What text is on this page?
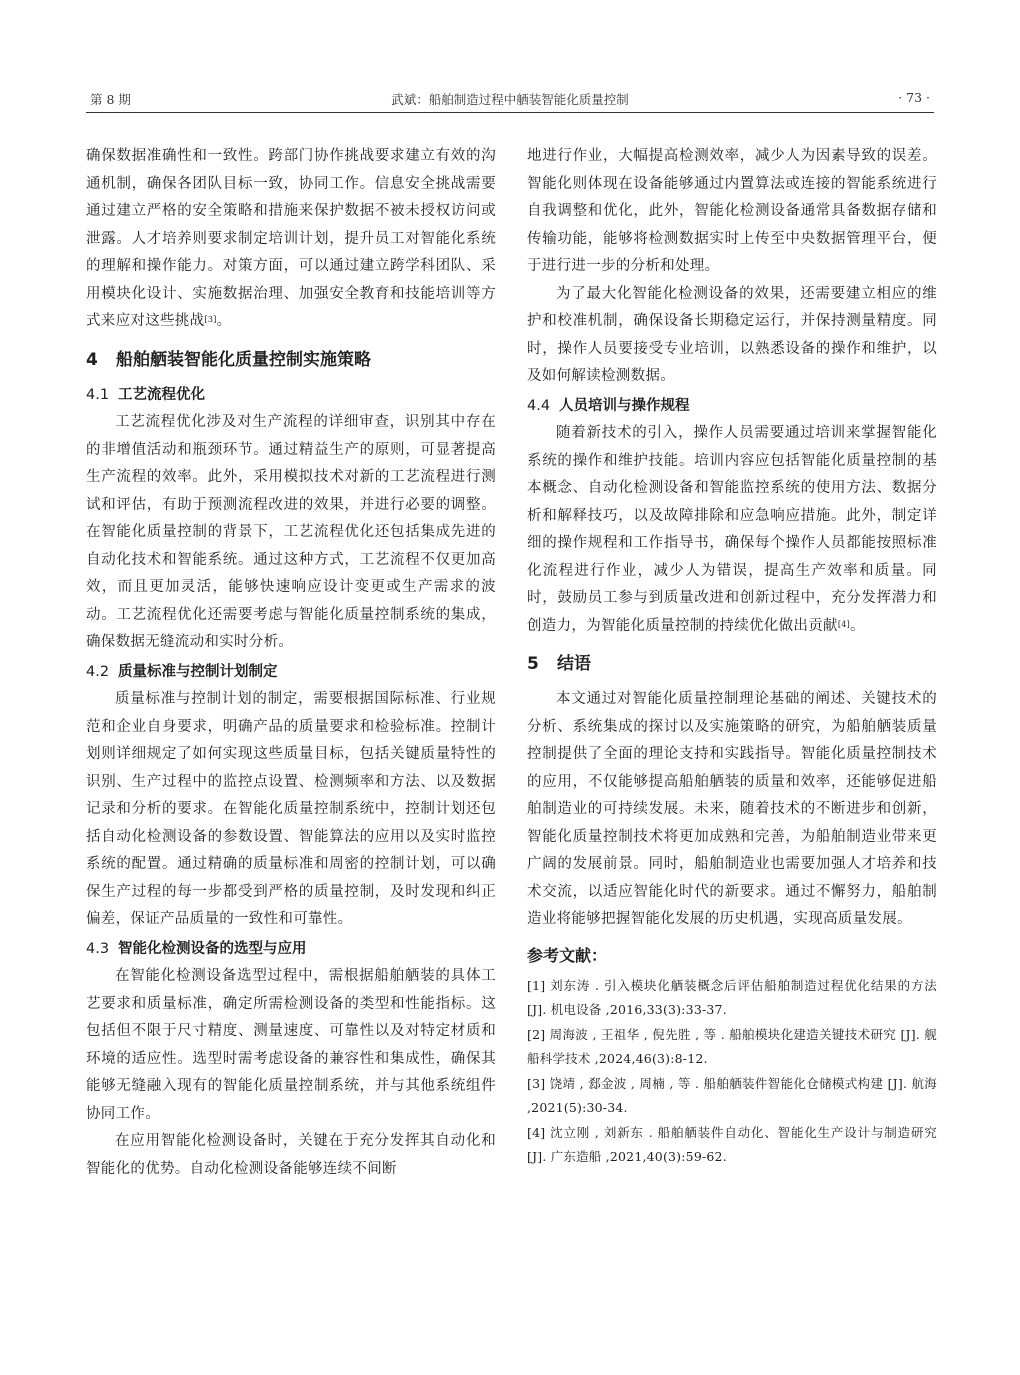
第 8 期	武斌：船舶制造过程中舾装智能化质量控制	· 73 ·

确保数据准确性和一致性。跨部门协作挑战要求建立有效的沟通机制，确保各团队目标一致，协同工作。信息安全挑战需要通过建立严格的安全策略和措施来保护数据不被未授权访问或泄露。人才培养则要求制定培训计划，提升员工对智能化系统的理解和操作能力。对策方面，可以通过建立跨学科团队、采用模块化设计、实施数据治理、加强安全教育和技能培训等方式来应对这些挑战[3]。

4 船舶舾装智能化质量控制实施策略
4.1 工艺流程优化

工艺流程优化涉及对生产流程的详细审查，识别其中存在的非增值活动和瓶颈环节。通过精益生产的原则，可显著提高生产流程的效率。此外，采用模拟技术对新的工艺流程进行测试和评估，有助于预测流程改进的效果，并进行必要的调整。在智能化质量控制的背景下，工艺流程优化还包括集成先进的自动化技术和智能系统。通过这种方式，工艺流程不仅更加高效，而且更加灵活，能够快速响应设计变更或生产需求的波动。工艺流程优化还需要考虑与智能化质量控制系统的集成，确保数据无缝流动和实时分析。

4.2 质量标准与控制计划制定

质量标准与控制计划的制定，需要根据国际标准、行业规范和企业自身要求，明确产品的质量要求和检验标准。控制计划则详细规定了如何实现这些质量目标，包括关键质量特性的识别、生产过程中的监控点设置、检测频率和方法、以及数据记录和分析的要求。在智能化质量控制系统中，控制计划还包括自动化检测设备的参数设置、智能算法的应用以及实时监控系统的配置。通过精确的质量标准和周密的控制计划，可以确保生产过程的每一步都受到严格的质量控制，及时发现和纠正偏差，保证产品质量的一致性和可靠性。

4.3 智能化检测设备的选型与应用

在智能化检测设备选型过程中，需根据船舶舾装的具体工艺要求和质量标准，确定所需检测设备的类型和性能指标。这包括但不限于尺寸精度、测量速度、可靠性以及对特定材质和环境的适应性。选型时需考虑设备的兼容性和集成性，确保其能够无缝融入现有的智能化质量控制系统，并与其他系统组件协同工作。

在应用智能化检测设备时，关键在于充分发挥其自动化和智能化的优势。自动化检测设备能够连续不间断

地进行作业，大幅提高检测效率，减少人为因素导致的误差。智能化则体现在设备能够通过内置算法或连接的智能系统进行自我调整和优化，此外，智能化检测设备通常具备数据存储和传输功能，能够将检测数据实时上传至中央数据管理平台，便于进行进一步的分析和处理。

为了最大化智能化检测设备的效果，还需要建立相应的维护和校准机制，确保设备长期稳定运行，并保持测量精度。同时，操作人员要接受专业培训，以熟悉设备的操作和维护，以及如何解读检测数据。

4.4 人员培训与操作规程

随着新技术的引入，操作人员需要通过培训来掌握智能化系统的操作和维护技能。培训内容应包括智能化质量控制的基本概念、自动化检测设备和智能监控系统的使用方法、数据分析和解释技巧，以及故障排除和应急响应措施。此外，制定详细的操作规程和工作指导书，确保每个操作人员都能按照标准化流程进行作业，减少人为错误，提高生产效率和质量。同时，鼓励员工参与到质量改进和创新过程中，充分发挥潜力和创造力，为智能化质量控制的持续优化做出贡献[4]。

5 结语

本文通过对智能化质量控制理论基础的阐述、关键技术的分析、系统集成的探讨以及实施策略的研究，为船舶舾装质量控制提供了全面的理论支持和实践指导。智能化质量控制技术的应用，不仅能够提高船舶舾装的质量和效率，还能够促进船舶制造业的可持续发展。未来，随着技术的不断进步和创新，智能化质量控制技术将更加成熟和完善，为船舶制造业带来更广阔的发展前景。同时，船舶制造业也需要加强人才培养和技术交流，以适应智能化时代的新要求。通过不懈努力，船舶制造业将能够把握智能化发展的历史机遇，实现高质量发展。

参考文献：

[1] 刘东涛 . 引入模块化舾装概念后评估船舶制造过程优化结果的方法 [J]. 机电设备 ,2016,33(3):33-37.

[2] 周海波 , 王祖华 , 倪先胜 , 等 . 船舶模块化建造关键技术研究 [J]. 舰船科学技术 ,2024,46(3):8-12.

[3] 饶靖 , 郄金波 , 周楠 , 等 . 船舶舾装件智能化仓储模式构建 [J]. 航海 ,2021(5):30-34.

[4] 沈立刚 , 刘新东 . 船舶舾装件自动化、智能化生产设计与制造研究 [J]. 广东造船 ,2021,40(3):59-62.
